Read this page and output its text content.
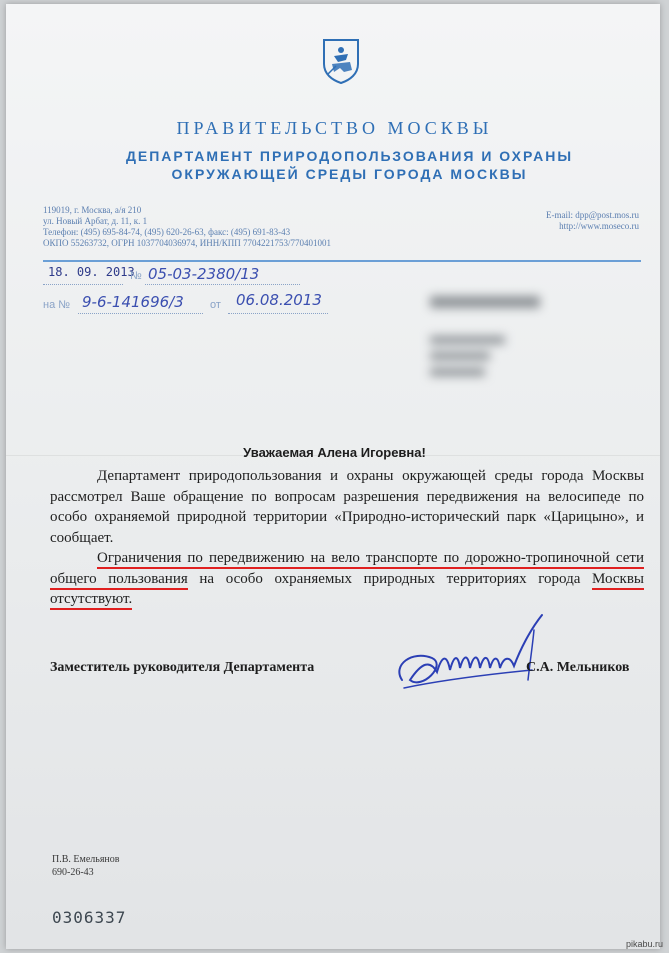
ПРАВИТЕЛЬСТВО МОСКВЫ
ДЕПАРТАМЕНТ ПРИРОДОПОЛЬЗОВАНИЯ И ОХРАНЫ
ОКРУЖАЮЩЕЙ СРЕДЫ ГОРОДА МОСКВЫ
119019, г. Москва, а/я 210
ул. Новый Арбат, д. 11, к. 1
Телефон: (495) 695-84-74, (495) 620-26-63, факс: (495) 691-83-43
ОКПО 55263732, ОГРН 1037704036974, ИНН/КПП 7704221753/770401001
E-mail: dpp@post.mos.ru
http://www.moseco.ru
18. 09. 2013
№ 05-03-2380/13
на № 9-6-141696/3 от 06.08.2013
Уважаемая Алена Игоревна!
Департамент природопользования и охраны окружающей среды города Москвы рассмотрел Ваше обращение по вопросам разрешения передвижения на велосипеде по особо охраняемой природной территории «Природно-исторический парк «Царицыно», и сообщает.
Ограничения по передвижению на вело транспорте по дорожно-тропиночной сети общего пользования на особо охраняемых природных территориях города Москвы отсутствуют.
Заместитель руководителя Департамента	С.А. Мельников
П.В. Емельянов
690-26-43
0306337
pikabu.ru
